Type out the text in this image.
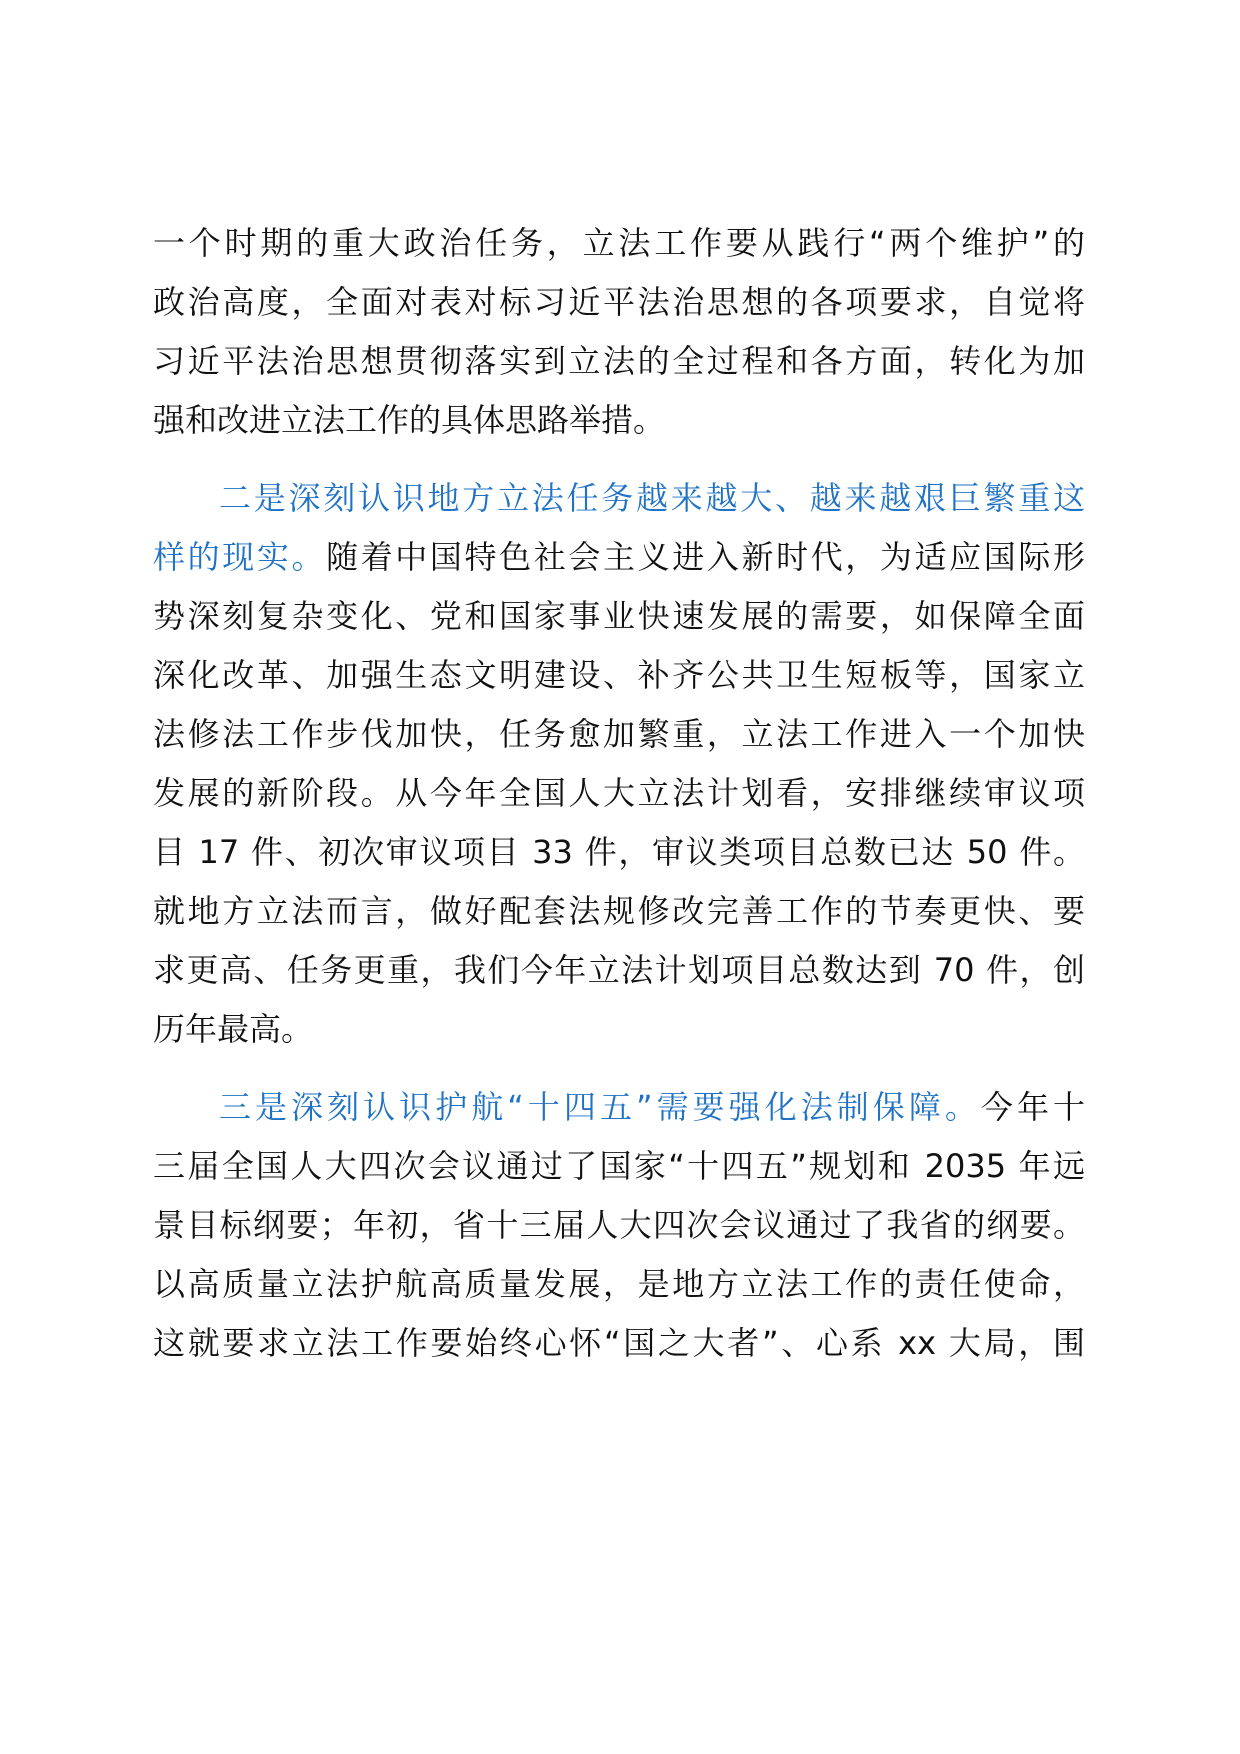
一个时期的重大政治任务，立法工作要从践行“两个维护”的
政治高度，全面对表对标习近平法治思想的各项要求，自觉将
习近平法治思想贯彻落实到立法的全过程和各方面，转化为加
强和改进立法工作的具体思路举措。
二是深刻认识地方立法任务越来越大、越来越艰巨繁重这
样的现实。随着中国特色社会主义进入新时代，为适应国际形
势深刻复杂变化、党和国家事业快速发展的需要，如保障全面
深化改革、加强生态文明建设、补齐公共卫生短板等，国家立
法修法工作步伐加快，任务愈加繁重，立法工作进入一个加快
发展的新阶段。从今年全国人大立法计划看，安排继续审议项
目 17 件、初次审议项目 33 件，审议类项目总数已达 50 件。
就地方立法而言，做好配套法规修改完善工作的节奏更快、要
求更高、任务更重，我们今年立法计划项目总数达到 70 件，创
历年最高。
三是深刻认识护航“十四五”需要强化法制保障。今年十
三届全国人大四次会议通过了国家“十四五”规划和 2035 年远
景目标纲要；年初，省十三届人大四次会议通过了我省的纲要。
以高质量立法护航高质量发展，是地方立法工作的责任使命，
这就要求立法工作要始终心怀“国之大者”、心系 xx 大局，围
